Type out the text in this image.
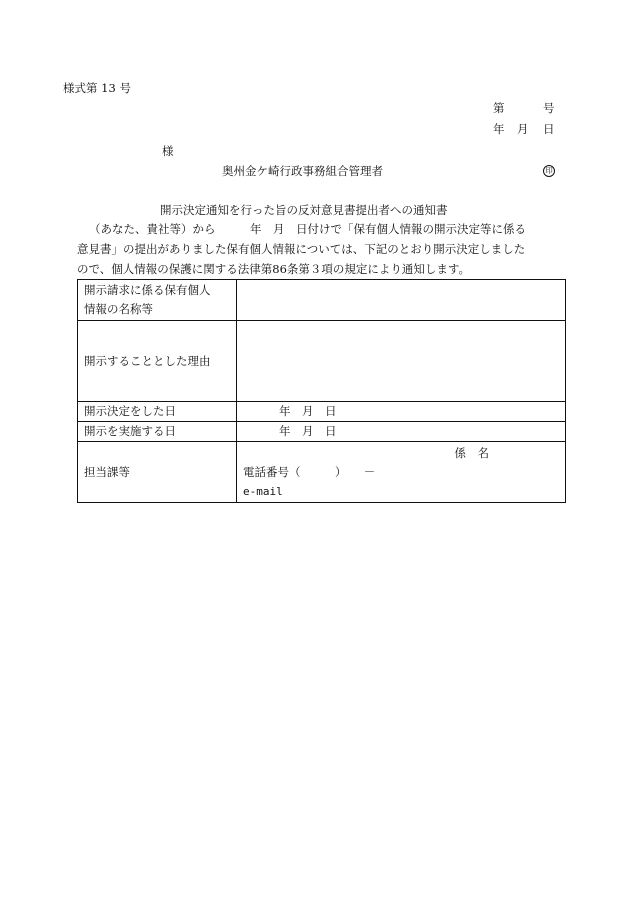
様式第 13 号
第	号
年 月 日
様
奥州金ケ崎行政事務組合管理者	印
開示決定通知を行った旨の反対意見書提出者への通知書
（あなた、貴社等）から　　　年　月　日付けで「保有個人情報の開示決定等に係る
意見書」の提出がありました保有個人情報については、下記のとおり開示決定しました
ので、個人情報の保護に関する法律第86条第３項の規定により通知します。
開示請求に係る保有個人
情報の名称等	

開示することとした理由	
開示決定をした日	年　月　日
開示を実施する日	年　月　日
担当課等	係　名
電話番号（　　　）　　－
e-mail
